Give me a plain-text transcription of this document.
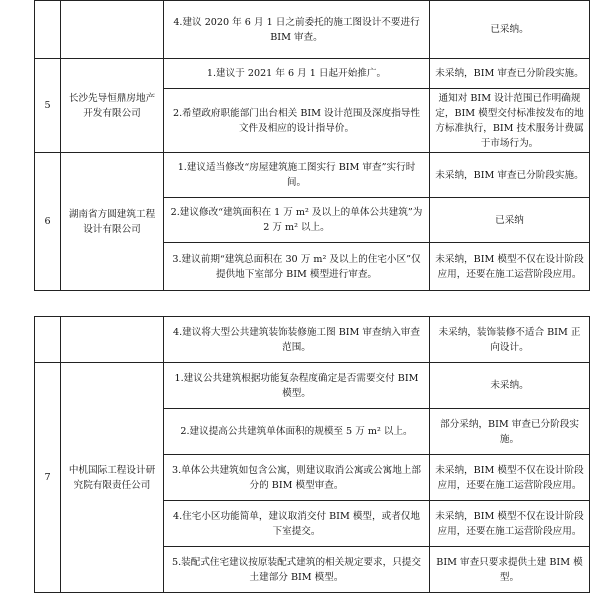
		4.建议 2020 年 6 月 1 日之前委托的施工图设计不要进行 BIM 审查。	已采纳。
5	长沙先导恒鼎房地产开发有限公司	1.建议于 2021 年 6 月 1 日起开始推广。	未采纳，BIM 审查已分阶段实施。
		2.希望政府职能部门出台相关 BIM 设计范围及深度指导性文件及相应的设计指导价。	通知对 BIM 设计范围已作明确规定，BIM 模型交付标准按发布的地方标准执行，BIM 技术服务计费属于市场行为。
6	湖南省方圆建筑工程设计有限公司	1.建议适当修改“房屋建筑施工图实行 BIM 审查”实行时间。	未采纳，BIM 审查已分阶段实施。
		2.建议修改“建筑面积在 1 万 m² 及以上的单体公共建筑”为 2 万 m² 以上。	已采纳
		3.建议前期“建筑总面积在 30 万 m² 及以上的住宅小区”仅提供地下室部分 BIM 模型进行审查。	未采纳，BIM 模型不仅在设计阶段应用，还要在施工运营阶段应用。
		4.建议将大型公共建筑装饰装修施工图 BIM 审查纳入审查范围。	未采纳，装饰装修不适合 BIM 正向设计。
7	中机国际工程设计研究院有限责任公司	1.建议公共建筑根据功能复杂程度确定是否需要交付 BIM 模型。	未采纳。
		2.建议提高公共建筑单体面积的规模至 5 万 m² 以上。	部分采纳，BIM 审查已分阶段实施。
		3.单体公共建筑如包含公寓，则建议取消公寓或公寓地上部分的 BIM 模型审查。	未采纳，BIM 模型不仅在设计阶段应用，还要在施工运营阶段应用。
		4.住宅小区功能简单，建议取消交付 BIM 模型，或者仅地下室提交。	未采纳，BIM 模型不仅在设计阶段应用，还要在施工运营阶段应用。
		5.装配式住宅建议按原装配式建筑的相关规定要求，只提交土建部分 BIM 模型。	BIM 审查只要求提供土建 BIM 模型。
